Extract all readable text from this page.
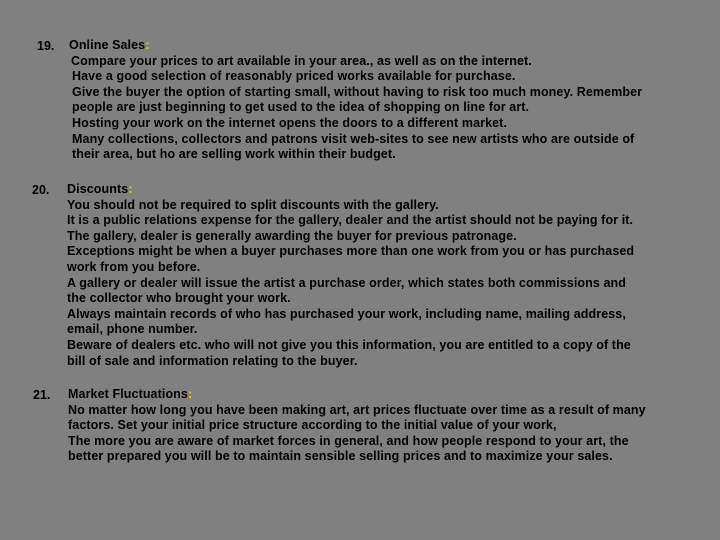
19. Online Sales:
Compare your prices to art available in your area., as well as on the internet.
Have a good selection of reasonably priced works available for purchase.
Give the buyer the option of starting small, without having to risk too much money. Remember
people are just beginning to get used to the idea of shopping on line for art.
Hosting your work on the internet opens the doors to a different market.
Many collections, collectors and patrons visit web-sites to see new artists who are outside of
their area, but ho are selling work within their budget.
20. Discounts:
You should not be required to split discounts with the gallery.
It is a public relations expense for the gallery, dealer and the artist should not be paying for it.
The gallery, dealer is generally awarding the buyer for previous patronage.
Exceptions might be when a buyer purchases more than one work from you or has purchased
work from you before.
A gallery or dealer will issue the artist a purchase order, which states both commissions and
the collector who brought your work.
Always maintain records of who has purchased your work, including name, mailing address,
email, phone number.
Beware of dealers etc. who will not give you this information, you are entitled to a copy of the
bill of sale and information relating to the buyer.
21. Market Fluctuations:
No matter how long you have been making art, art prices fluctuate over time as a result of many
factors. Set your initial price structure according to the initial value of your work,
The more you are aware of market forces in general, and how people respond to your art, the
better prepared you will be to maintain sensible selling prices and to maximize your sales.
